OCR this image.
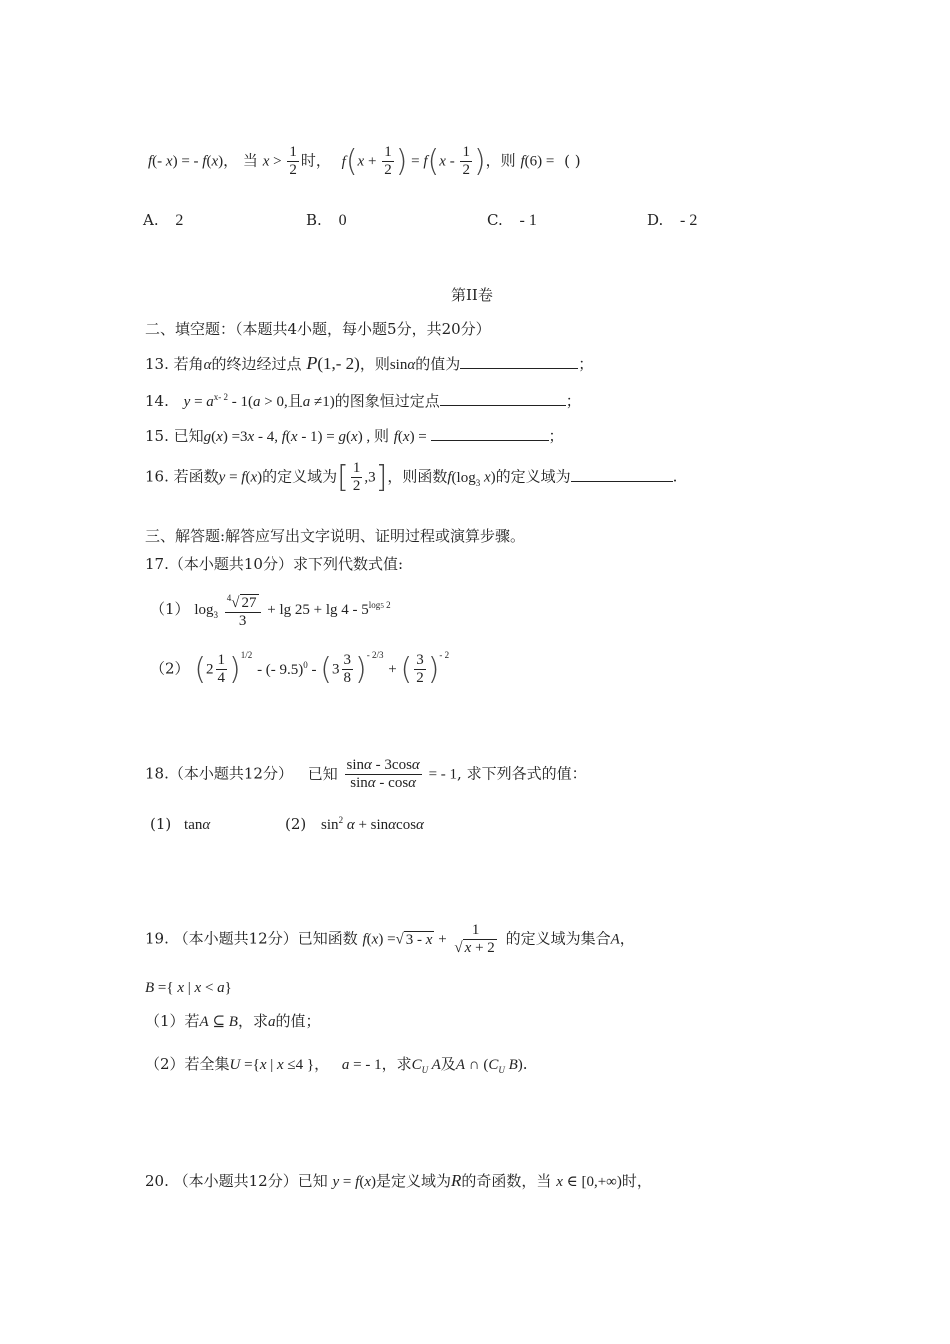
f(- x) = - f(x)， 当 $x > \frac{1}{2}$ 时， $f(x + \frac{1}{2}$ ) = $f(x - \frac{1}{2}$ )，则 f(6) = ( )
A. 2	B. 0	C. - 1	D. - 2
第II卷
二、填空题：（本题共4小题，每小题5分，共20分）
13. 若角α的终边经过点 P(1,- 2)，则sinα的值为	；
14. $y = a^{x- 2} - 1(a > 0$,且a ≠1)的图象恒过定点	；
15. 已知g(x) =3x - 4, f(x - 1) = g(x) , 则 f(x) =	；
16. 若函数y = f(x)的定义域为[ $\frac{1}{2} ,3$]，则函数$f(\log_3$ x)的定义域为	.
三、解答题:解答应写出文字说明、证明过程或演算步骤。
17.（本小题共10分）求下列代数式值:
（1） $\log_3 \frac{^4√ 27}{3} + \lg 25 + \lg 4 - 5^{log5 2}$
（2） $(2 \frac{1}{4} )^{1/2}$ - (- $9.5)^0 - (3 \frac{3}{8} )^{- 2/3}$ + ( $\frac{3}{2} )^{- 2}$
18.（本小题共12分） 已知 $\frac{\sin\alpha - 3\cos\alpha}{\sin\alpha - \cos\alpha}$ = - 1, 求下列各式的值：
(1) tanα	(2) $\sin^2 \alpha + \sin\alpha\cos\alpha$
19. （本小题共12分）已知函数 f(x) =√ $3 - x + \frac{1}{√ x + 2}$ 的定义域为集合A，
B ={ x | x < a}
（1）若A ⊆ B，求a的值；
（2）若全集U ={x | x ≤4 }， a = - 1，求$C_U$ A及A ∩ ($C_U$ B).
20. （本小题共12分）已知 y = f(x)是定义域为R的奇函数，当 x ∈ [0,+∞)时，
